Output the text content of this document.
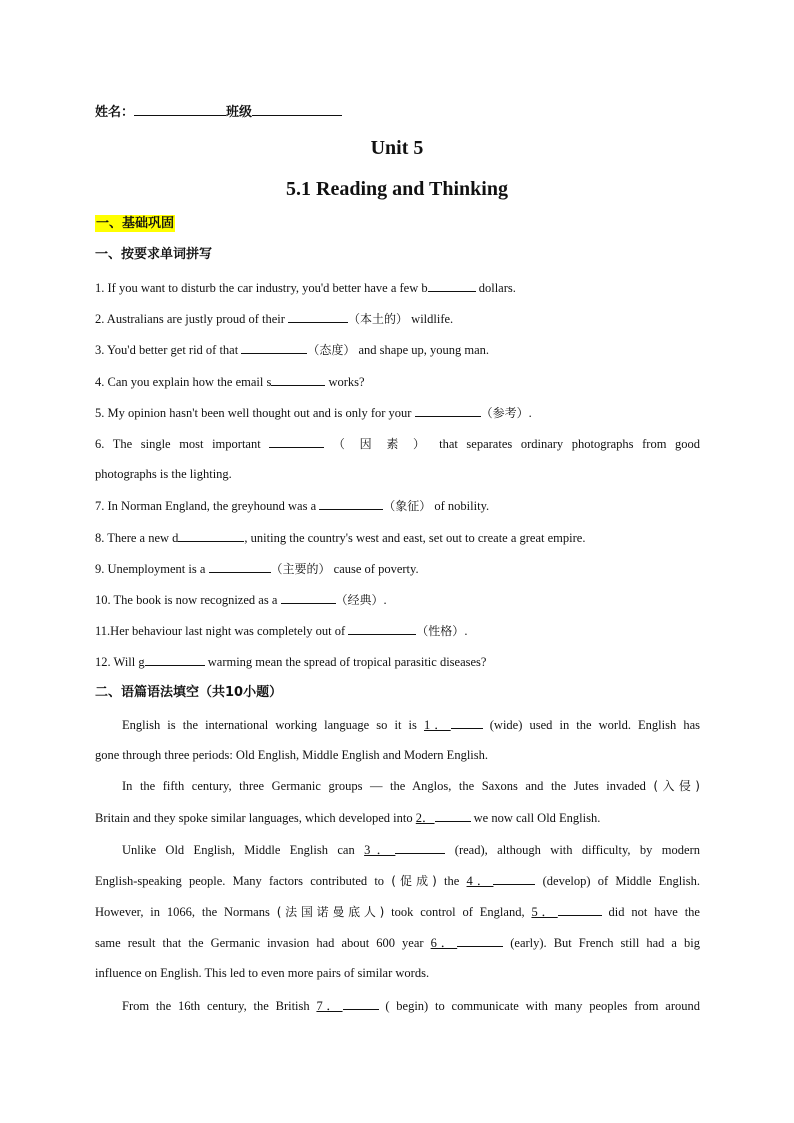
姓名：	班级
Unit 5
5.1 Reading and Thinking
一、基础巩固
一、按要求单词拼写
1. If you want to disturb the car industry, you'd better have a few b	dollars.
2. Australians are justly proud of their	（本土的） wildlife.
3. You'd better get rid of that	（态度） and shape up, young man.
4. Can you explain how the email s	works?
5. My opinion hasn't been well thought out and is only for your	（参考）.
6. The single most important	（ 因 素 ） that separates ordinary photographs from good
photographs is the lighting.
7. In Norman England, the greyhound was a	（象征） of nobility.
8. There a new d	, uniting the country's west and east, set out to create a great empire.
9. Unemployment is a	（主要的） cause of poverty.
10. The book is now recognized as a	（经典）.
11.Her behaviour last night was completely out of	（性格）.
12. Will g	warming mean the spread of tropical parasitic diseases?
二、语篇语法填空（共10小题）
English is the international working language so it is 1．	(wide) used in the world. English has
gone through three periods: Old English, Middle English and Modern English.
In the fifth century, three Germanic groups — the Anglos, the Saxons and the Jutes invaded (入侵)
Britain and they spoke similar languages, which developed into 2．	we now call Old English.
Unlike Old English, Middle English can 3．	(read), although with difficulty, by modern
English-speaking people. Many factors contributed to (促成) the 4．	(develop) of Middle English.
However, in 1066, the Normans (法国诺曼底人) took control of England, 5．	did not have the
same result that the Germanic invasion had about 600 year 6．	(early). But French still had a big
influence on English. This led to even more pairs of similar words.
From the 16th century, the British 7．	( begin) to communicate with many peoples from around
